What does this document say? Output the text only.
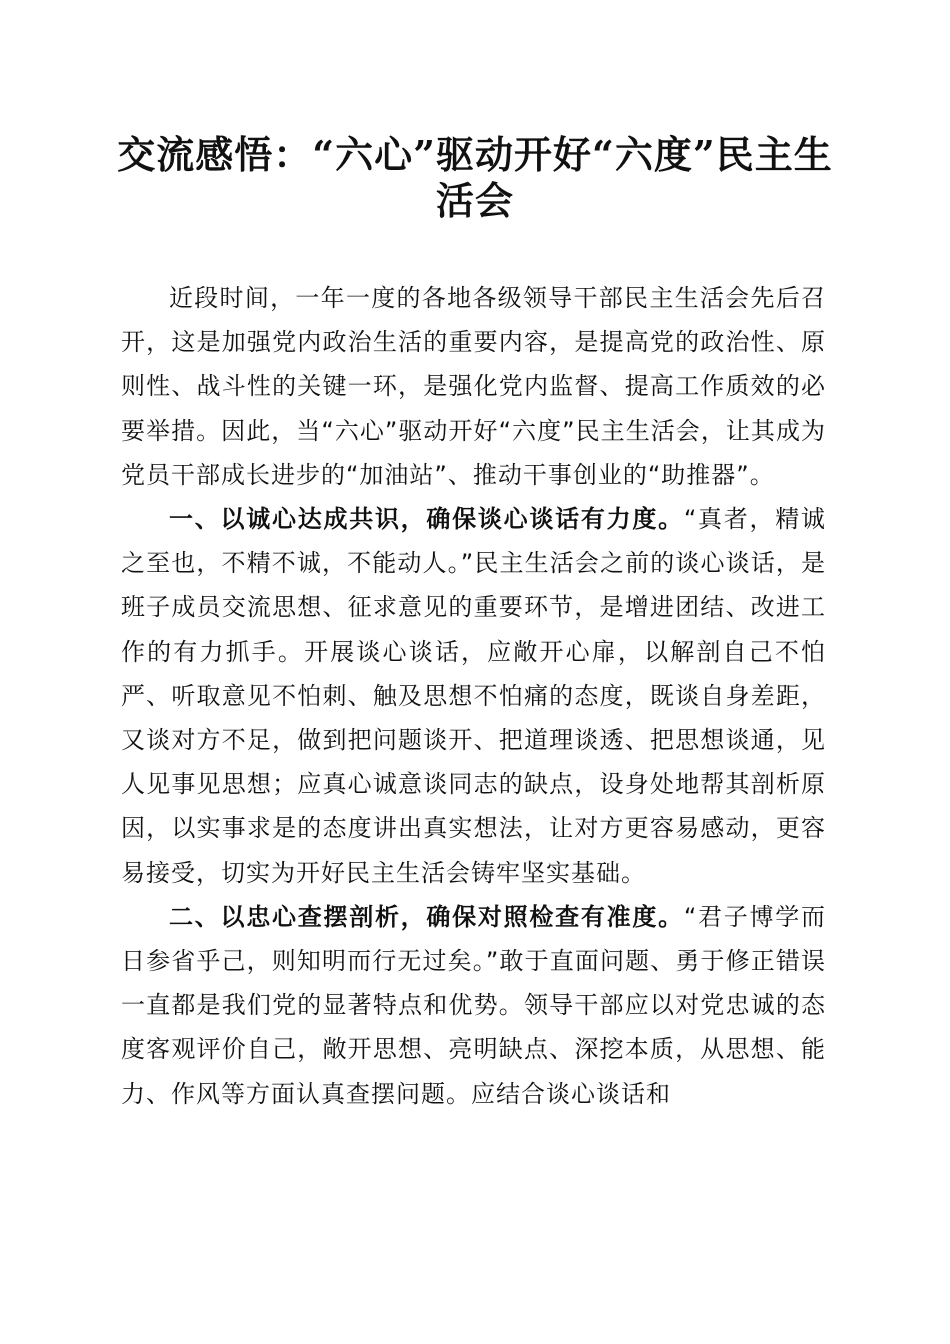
交流感悟：“六心”驱动开好“六度”民主生活会

近段时间，一年一度的各地各级领导干部民主生活会先后召开，这是加强党内政治生活的重要内容，是提高党的政治性、原则性、战斗性的关键一环，是强化党内监督、提高工作质效的必要举措。因此，当“六心”驱动开好“六度”民主生活会，让其成为党员干部成长进步的“加油站”、推动干事创业的“助推器”。

一、以诚心达成共识，确保谈心谈话有力度。“真者，精诚之至也，不精不诚，不能动人。”民主生活会之前的谈心谈话，是班子成员交流思想、征求意见的重要环节，是增进团结、改进工作的有力抓手。开展谈心谈话，应敞开心扉，以解剖自己不怕严、听取意见不怕刺、触及思想不怕痛的态度，既谈自身差距，又谈对方不足，做到把问题谈开、把道理谈透、把思想谈通，见人见事见思想；应真心诚意谈同志的缺点，设身处地帮其剖析原因，以实事求是的态度讲出真实想法，让对方更容易感动，更容易接受，切实为开好民主生活会铸牢坚实基础。

二、以忠心查摆剖析，确保对照检查有准度。“君子博学而日参省乎己，则知明而行无过矣。”敢于直面问题、勇于修正错误一直都是我们党的显著特点和优势。领导干部应以对党忠诚的态度客观评价自己，敞开思想、亮明缺点、深挖本质，从思想、能力、作风等方面认真查摆问题。应结合谈心谈话和
